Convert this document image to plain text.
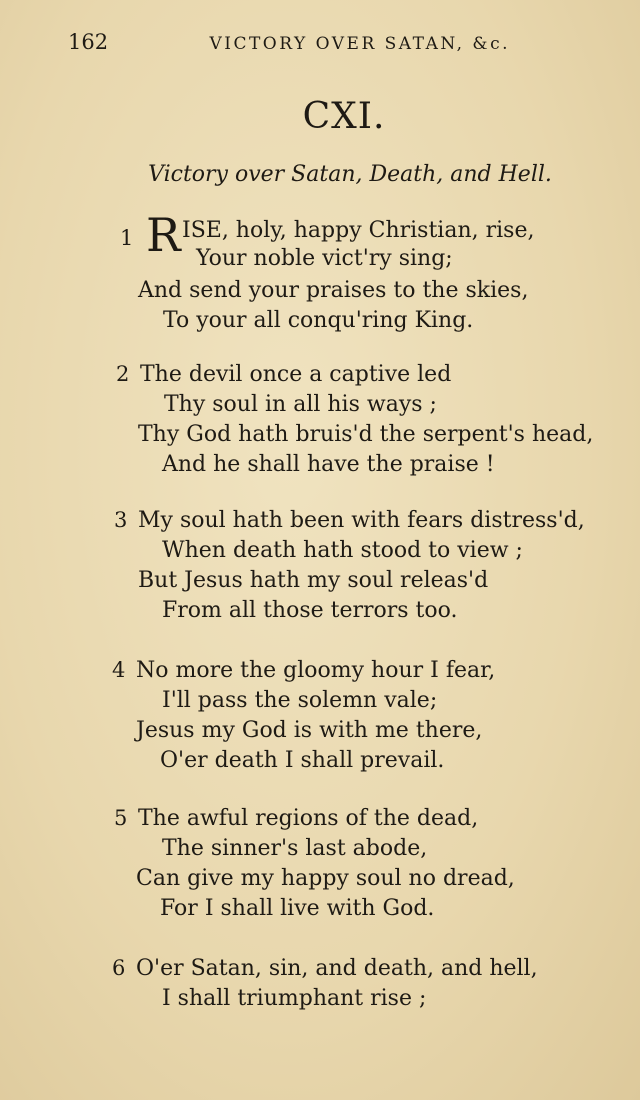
162	VICTORY OVER SATAN, &c.
CXI.
Victory over Satan, Death, and Hell.
1 R ISE, holy, happy Christian, rise,
Your noble vict'ry sing;
And send your praises to the skies,
To your all conqu'ring King.
2 The devil once a captive led
Thy soul in all his ways ;
Thy God hath bruis'd the serpent's head,
And he shall have the praise !
3 My soul hath been with fears distress'd,
When death hath stood to view ;
But Jesus hath my soul releas'd
From all those terrors too.
4 No more the gloomy hour I fear,
I'll pass the solemn vale;
Jesus my God is with me there,
O'er death I shall prevail.
5 The awful regions of the dead,
The sinner's last abode,
Can give my happy soul no dread,
For I shall live with God.
6 O'er Satan, sin, and death, and hell,
I shall triumphant rise ;
